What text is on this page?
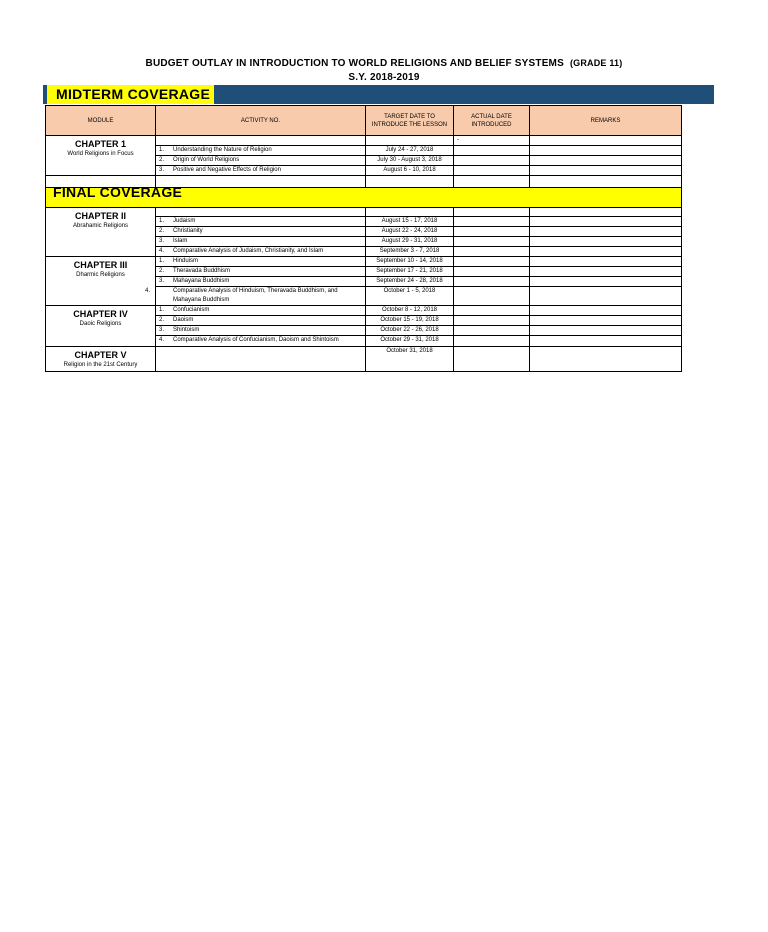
BUDGET OUTLAY IN INTRODUCTION TO WORLD RELIGIONS AND BELIEF SYSTEMS (GRADE 11)
S.Y. 2018-2019
MIDTERM COVERAGE
MODULE	ACTIVITY NO.	TARGET DATE TO INTRODUCE THE LESSON	ACTUAL DATE INTRODUCED	REMARKS

CHAPTER 1
World Religions in Focus			-	
	1. Understanding the Nature of Religion	July 24 - 27, 2018		
	2. Origin of World Religions	July 30 - August 3, 2018		
	3. Positive and Negative Effects of Religion	August 6 - 10, 2018		

FINAL COVERAGE				

CHAPTER II
Abrahamic Religions				

	1. Judaism	August 15 - 17, 2018		
	2. Christianity	August 22 - 24, 2018		
	3. Islam	August 29 - 31, 2018		
	4. Comparative Analysis of Judaism, Christianity, and Islam	September 3 - 7, 2018		

CHAPTER III
Dharmic Religions	1. Hinduism	September 10 - 14, 2018		
	2. Theravada Buddhism	September 17 - 21, 2018		
	3. Mahayana Buddhism	September 24 - 28, 2018		
	4. Comparative Analysis of Hinduism, Theravada Buddhism, and Mahayana Buddhism	October 1 - 5, 2018		

CHAPTER IV
Daoic Religions	1. Confucianism	October 8 - 12, 2018		
	2. Daoism	October 15 - 19, 2018		
	3. Shintoism	October 22 - 26, 2018		
	4. Comparative Analysis of Confucianism, Daoism and Shintoism	October 29 - 31, 2018		

CHAPTER V
Religion in the 21st Century		October 31, 2018		
